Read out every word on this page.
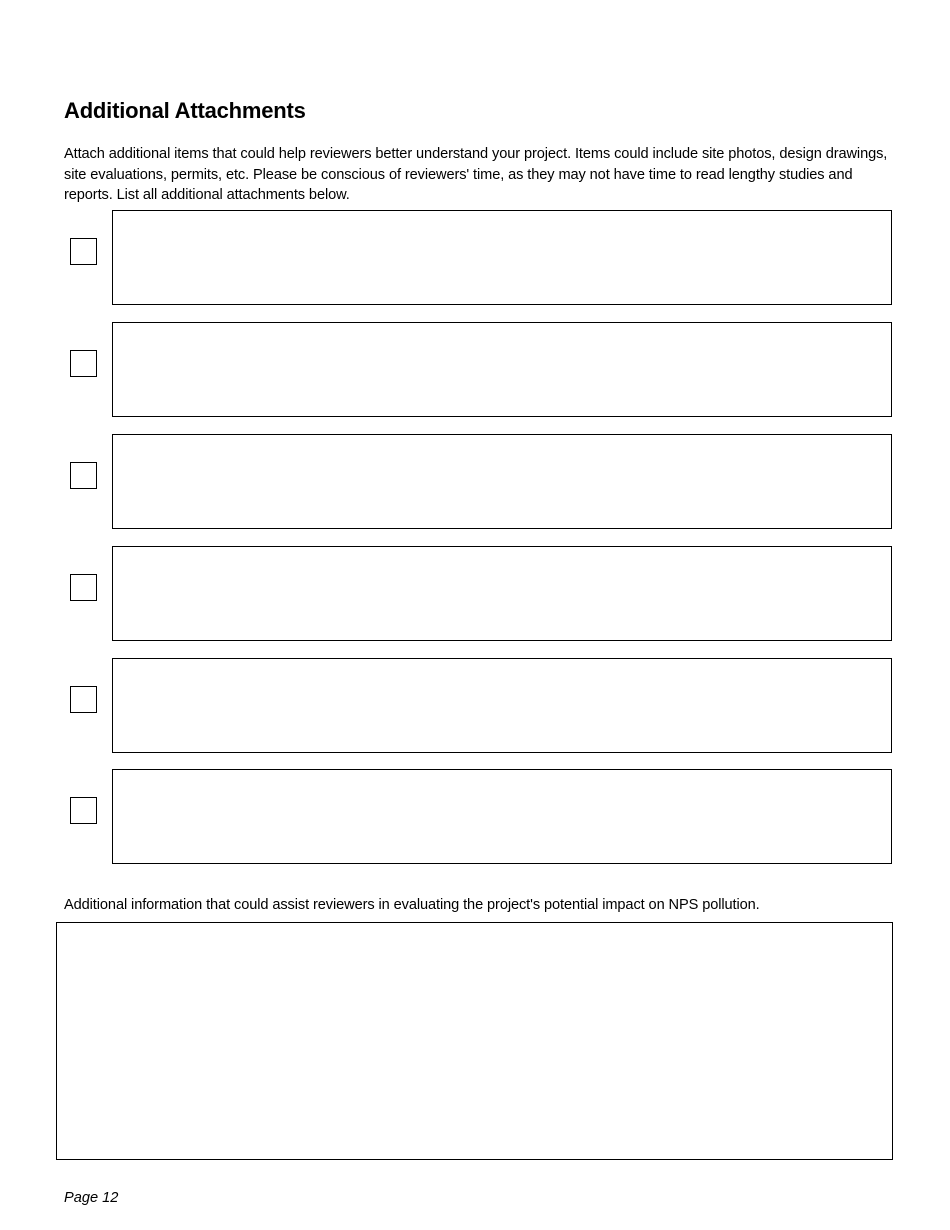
Additional Attachments

Attach additional items that could help reviewers better understand your project. Items could include site photos, design drawings, site evaluations, permits, etc. Please be conscious of reviewers' time, as they may not have time to read lengthy studies and reports. List all additional attachments below.

Additional information that could assist reviewers in evaluating the project's potential impact on NPS pollution.

Page 12
